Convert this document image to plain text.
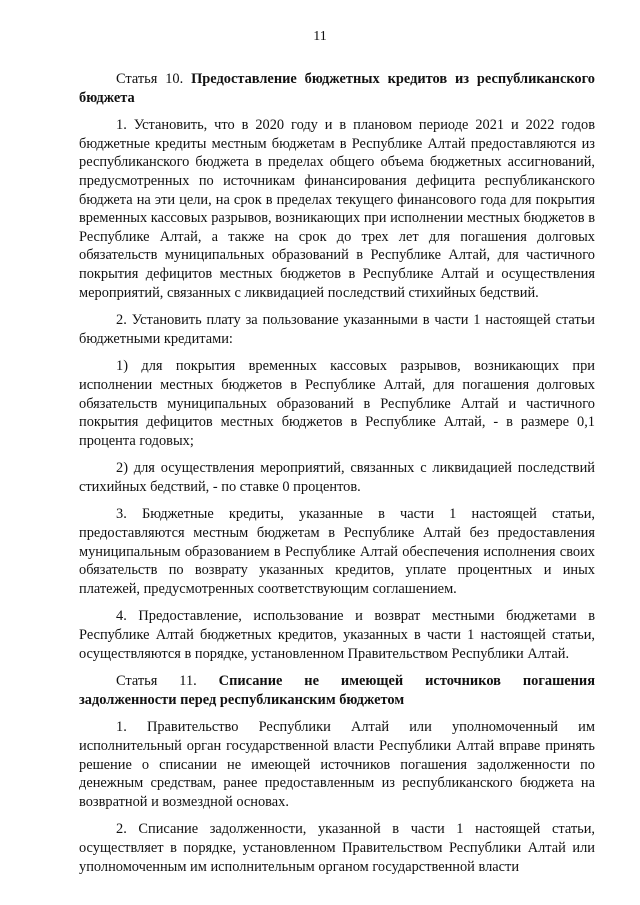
11

Статья 10. Предоставление бюджетных кредитов из республиканского бюджета

1. Установить, что в 2020 году и в плановом периоде 2021 и 2022 годов бюджетные кредиты местным бюджетам в Республике Алтай предоставляются из республиканского бюджета в пределах общего объема бюджетных ассигнований, предусмотренных по источникам финансирования дефицита республиканского бюджета на эти цели, на срок в пределах текущего финансового года для покрытия временных кассовых разрывов, возникающих при исполнении местных бюджетов в Республике Алтай, а также на срок до трех лет для погашения долговых обязательств муниципальных образований в Республике Алтай, для частичного покрытия дефицитов местных бюджетов в Республике Алтай и осуществления мероприятий, связанных с ликвидацией последствий стихийных бедствий.

2. Установить плату за пользование указанными в части 1 настоящей статьи бюджетными кредитами:

1) для покрытия временных кассовых разрывов, возникающих при исполнении местных бюджетов в Республике Алтай, для погашения долговых обязательств муниципальных образований в Республике Алтай и частичного покрытия дефицитов местных бюджетов в Республике Алтай, - в размере 0,1 процента годовых;

2) для осуществления мероприятий, связанных с ликвидацией последствий стихийных бедствий, - по ставке 0 процентов.

3. Бюджетные кредиты, указанные в части 1 настоящей статьи, предоставляются местным бюджетам в Республике Алтай без предоставления муниципальным образованием в Республике Алтай обеспечения исполнения своих обязательств по возврату указанных кредитов, уплате процентных и иных платежей, предусмотренных соответствующим соглашением.

4. Предоставление, использование и возврат местными бюджетами в Республике Алтай бюджетных кредитов, указанных в части 1 настоящей статьи, осуществляются в порядке, установленном Правительством Республики Алтай.

Статья 11. Списание не имеющей источников погашения

задолженности перед республиканским бюджетом

1. Правительство Республики Алтай или уполномоченный им исполнительный орган государственной власти Республики Алтай вправе принять решение о списании не имеющей источников погашения задолженности по денежным средствам, ранее предоставленным из республиканского бюджета на возвратной и возмездной основах.

2. Списание задолженности, указанной в части 1 настоящей статьи, осуществляет в порядке, установленном Правительством Республики Алтай или уполномоченным им исполнительным органом государственной власти
